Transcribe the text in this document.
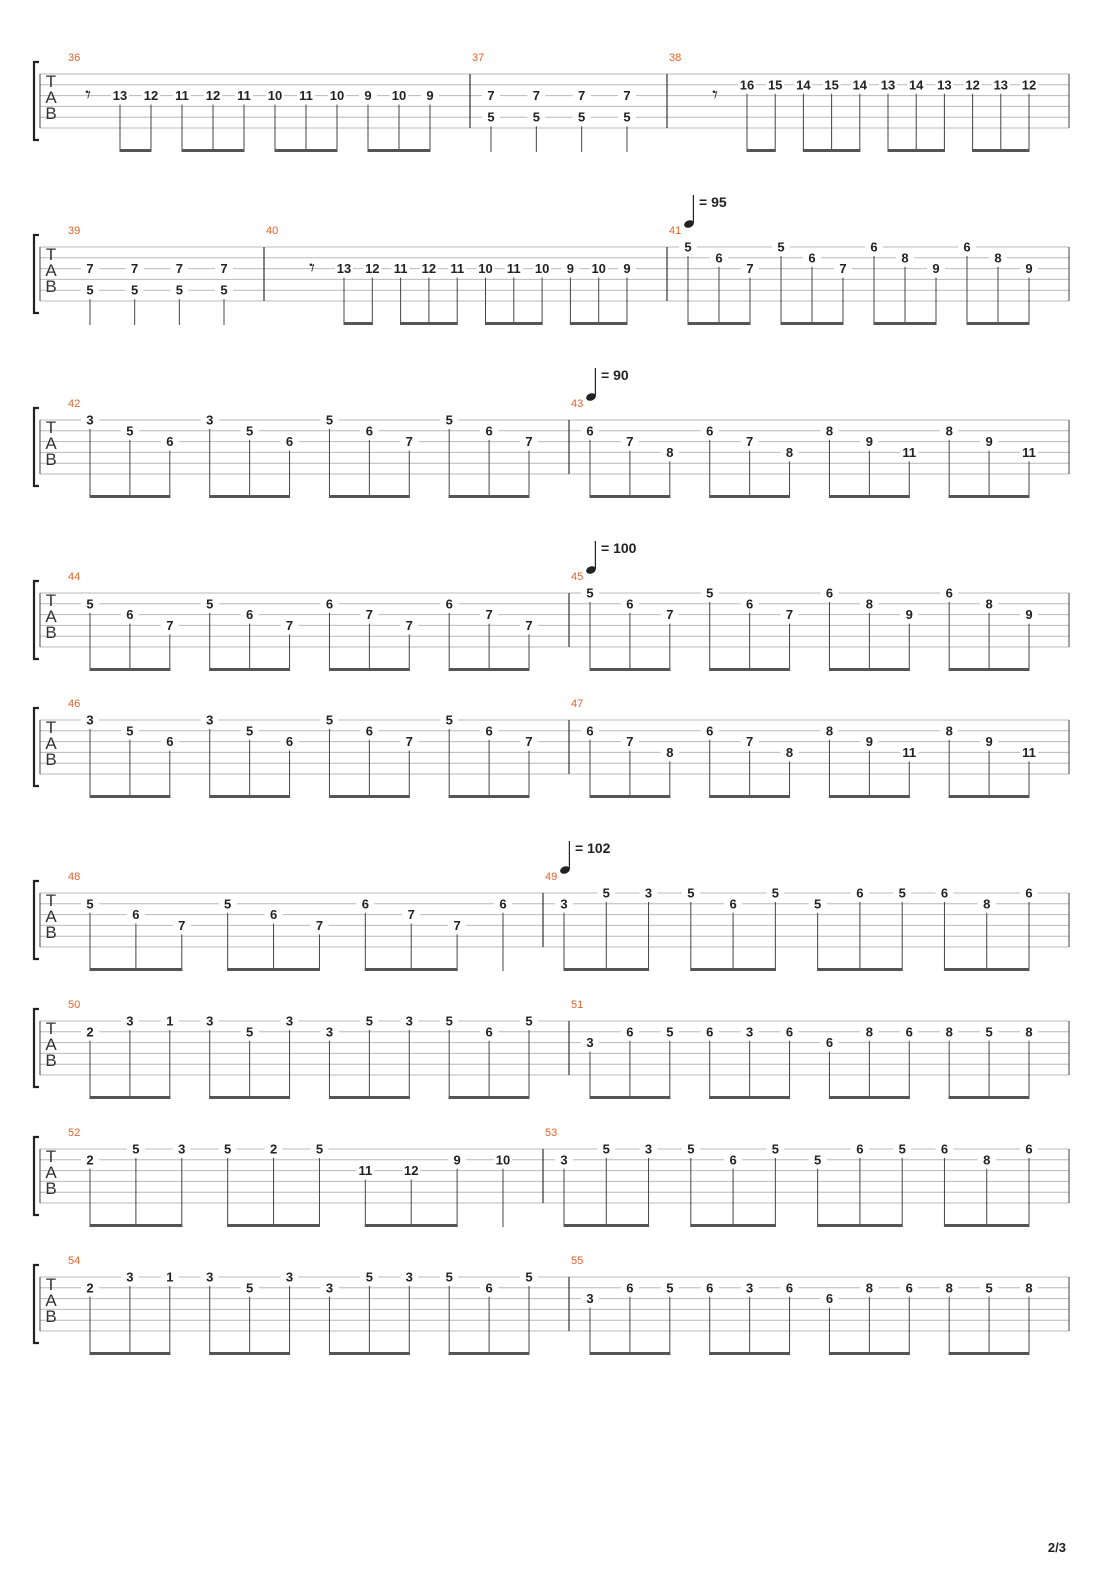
T
A
B
36
𝄾 13 12 11 12 11 10 11 10 9 10 9
37
7
5
7
5
7
5
7
5
38
𝄾 16 15 14 15 14 13 14 13 12 13 12
T
A
B
39
7
5
7
5
7
5
7
5
40
𝄾 13 12 11 12 11 10 11 10 9 10 9
41
= 95
5
6
7
5
6
7
6
8
9
6
8
9
T
A
B
42
3
5
6
3
5
6
5
6
7
5
6
7
43
= 90
6
7
8
6
7
8
8
9
11
8
9
11
T
A
B
44
5
6
7
5
6
7
6
7
7
6
7
7
45
= 100
5
6
7
5
6
7
6
8
9
6
8
9
T
A
B
46
3
5
6
3
5
6
5
6
7
5
6
7
47
6
7
8
6
7
8
8
9
11
8
9
11
T
A
B
48
5
6
7
5
6
7
6
7
7
6
49
= 102
3
5	3	5
6
5
5
6	5	6
8
6
T
A
B
50
2
3	1	3
5
3
3
5	3	5
6
5
51
3
6	5	6	3	6
6
8	6	8	5	8
T
A
B
52
2
5	3	5	2	5
11 12
9	10
53
3
5	3	5
6
5
5
6	5	6
8
6
T
A
B
54
2
3	1	3
5
3
3
5	3	5
6
5
55
3
6	5	6	3	6
6
8	6	8	5	8
2/3
